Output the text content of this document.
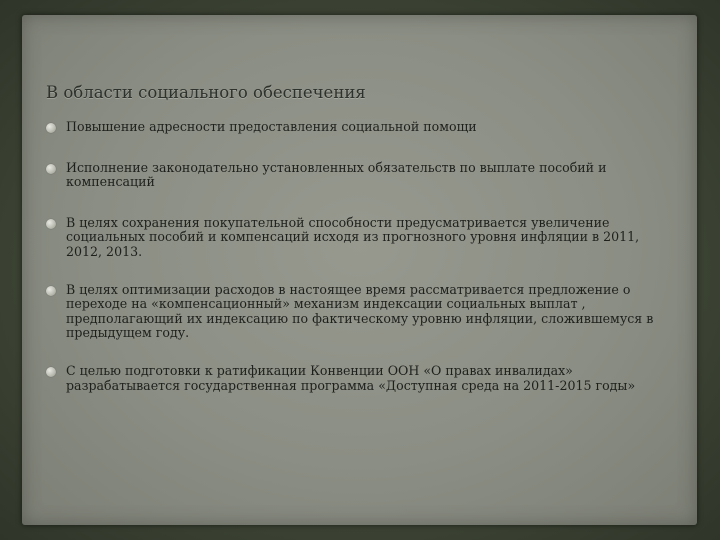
В области социального обеспечения
Повышение адресности предоставления социальной помощи
Исполнение законодательно установленных обязательств по выплате пособий и компенсаций
В целях сохранения покупательной способности предусматривается увеличение социальных пособий и компенсаций исходя из прогнозного уровня инфляции в 2011, 2012, 2013.
В целях оптимизации расходов в настоящее время рассматривается предложение о переходе на «компенсационный» механизм индексации социальных выплат , предполагающий их индексацию по фактическому уровню инфляции, сложившемуся в предыдущем году.
С целью подготовки к ратификации Конвенции ООН «О правах инвалидах» разрабатывается государственная программа «Доступная среда на 2011-2015 годы»
